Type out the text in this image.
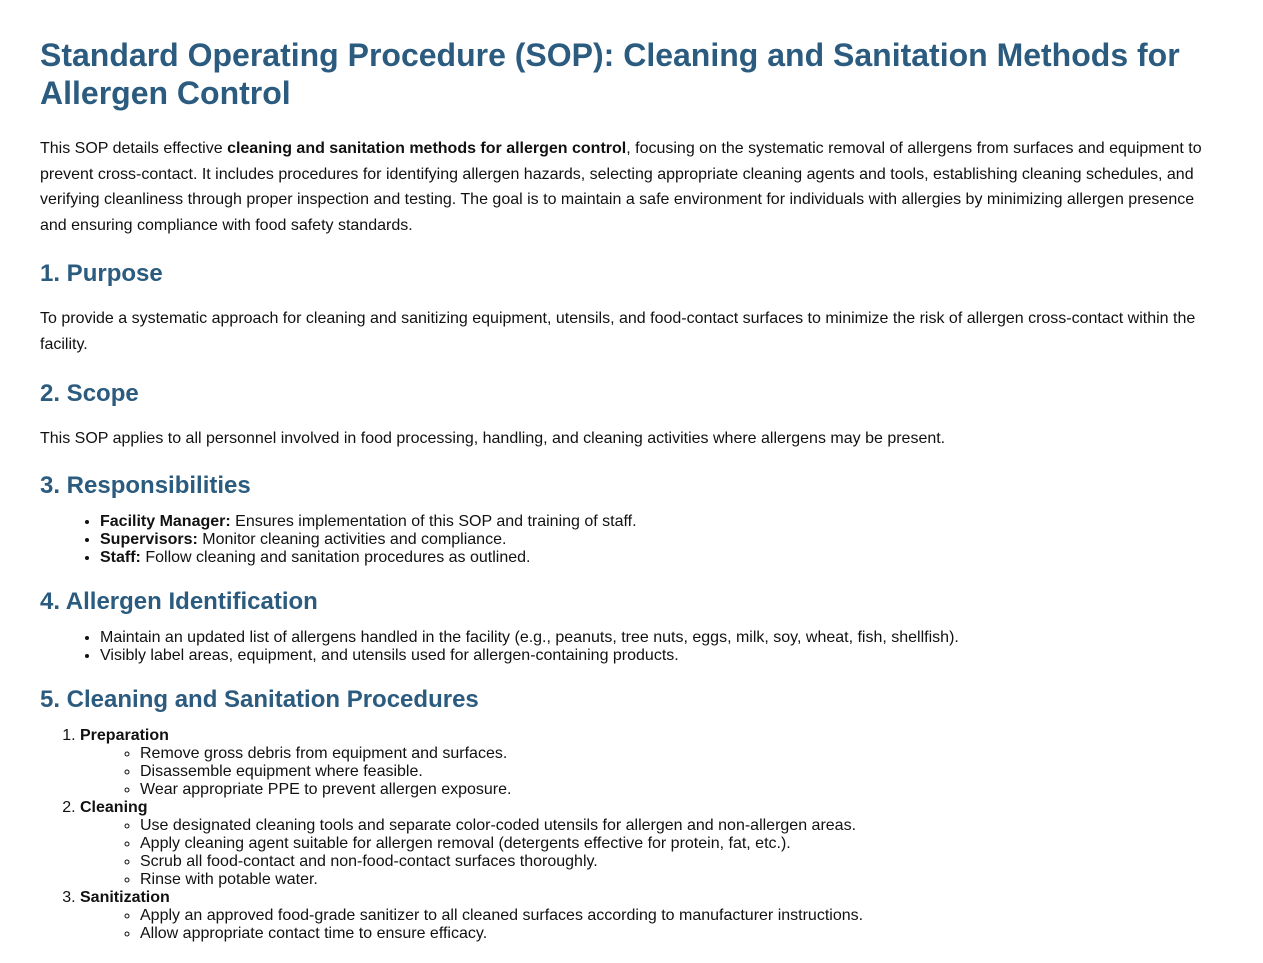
Standard Operating Procedure (SOP): Cleaning and Sanitation Methods for Allergen Control

This SOP details effective cleaning and sanitation methods for allergen control, focusing on the systematic removal of allergens from surfaces and equipment to prevent cross-contact. It includes procedures for identifying allergen hazards, selecting appropriate cleaning agents and tools, establishing cleaning schedules, and verifying cleanliness through proper inspection and testing. The goal is to maintain a safe environment for individuals with allergies by minimizing allergen presence and ensuring compliance with food safety standards.

1. Purpose

To provide a systematic approach for cleaning and sanitizing equipment, utensils, and food-contact surfaces to minimize the risk of allergen cross-contact within the facility.

2. Scope

This SOP applies to all personnel involved in food processing, handling, and cleaning activities where allergens may be present.

3. Responsibilities
• Facility Manager: Ensures implementation of this SOP and training of staff.
• Supervisors: Monitor cleaning activities and compliance.
• Staff: Follow cleaning and sanitation procedures as outlined.
4. Allergen Identification
• Maintain an updated list of allergens handled in the facility (e.g., peanuts, tree nuts, eggs, milk, soy, wheat, fish, shellfish).
• Visibly label areas, equipment, and utensils used for allergen-containing products.
5. Cleaning and Sanitation Procedures
1. Preparation
◦ Remove gross debris from equipment and surfaces.
◦ Disassemble equipment where feasible.
◦ Wear appropriate PPE to prevent allergen exposure.
2. Cleaning
◦ Use designated cleaning tools and separate color-coded utensils for allergen and non-allergen areas.
◦ Apply cleaning agent suitable for allergen removal (detergents effective for protein, fat, etc.).
◦ Scrub all food-contact and non-food-contact surfaces thoroughly.
◦ Rinse with potable water.
3. Sanitization
◦ Apply an approved food-grade sanitizer to all cleaned surfaces according to manufacturer instructions.
◦ Allow appropriate contact time to ensure efficacy.
